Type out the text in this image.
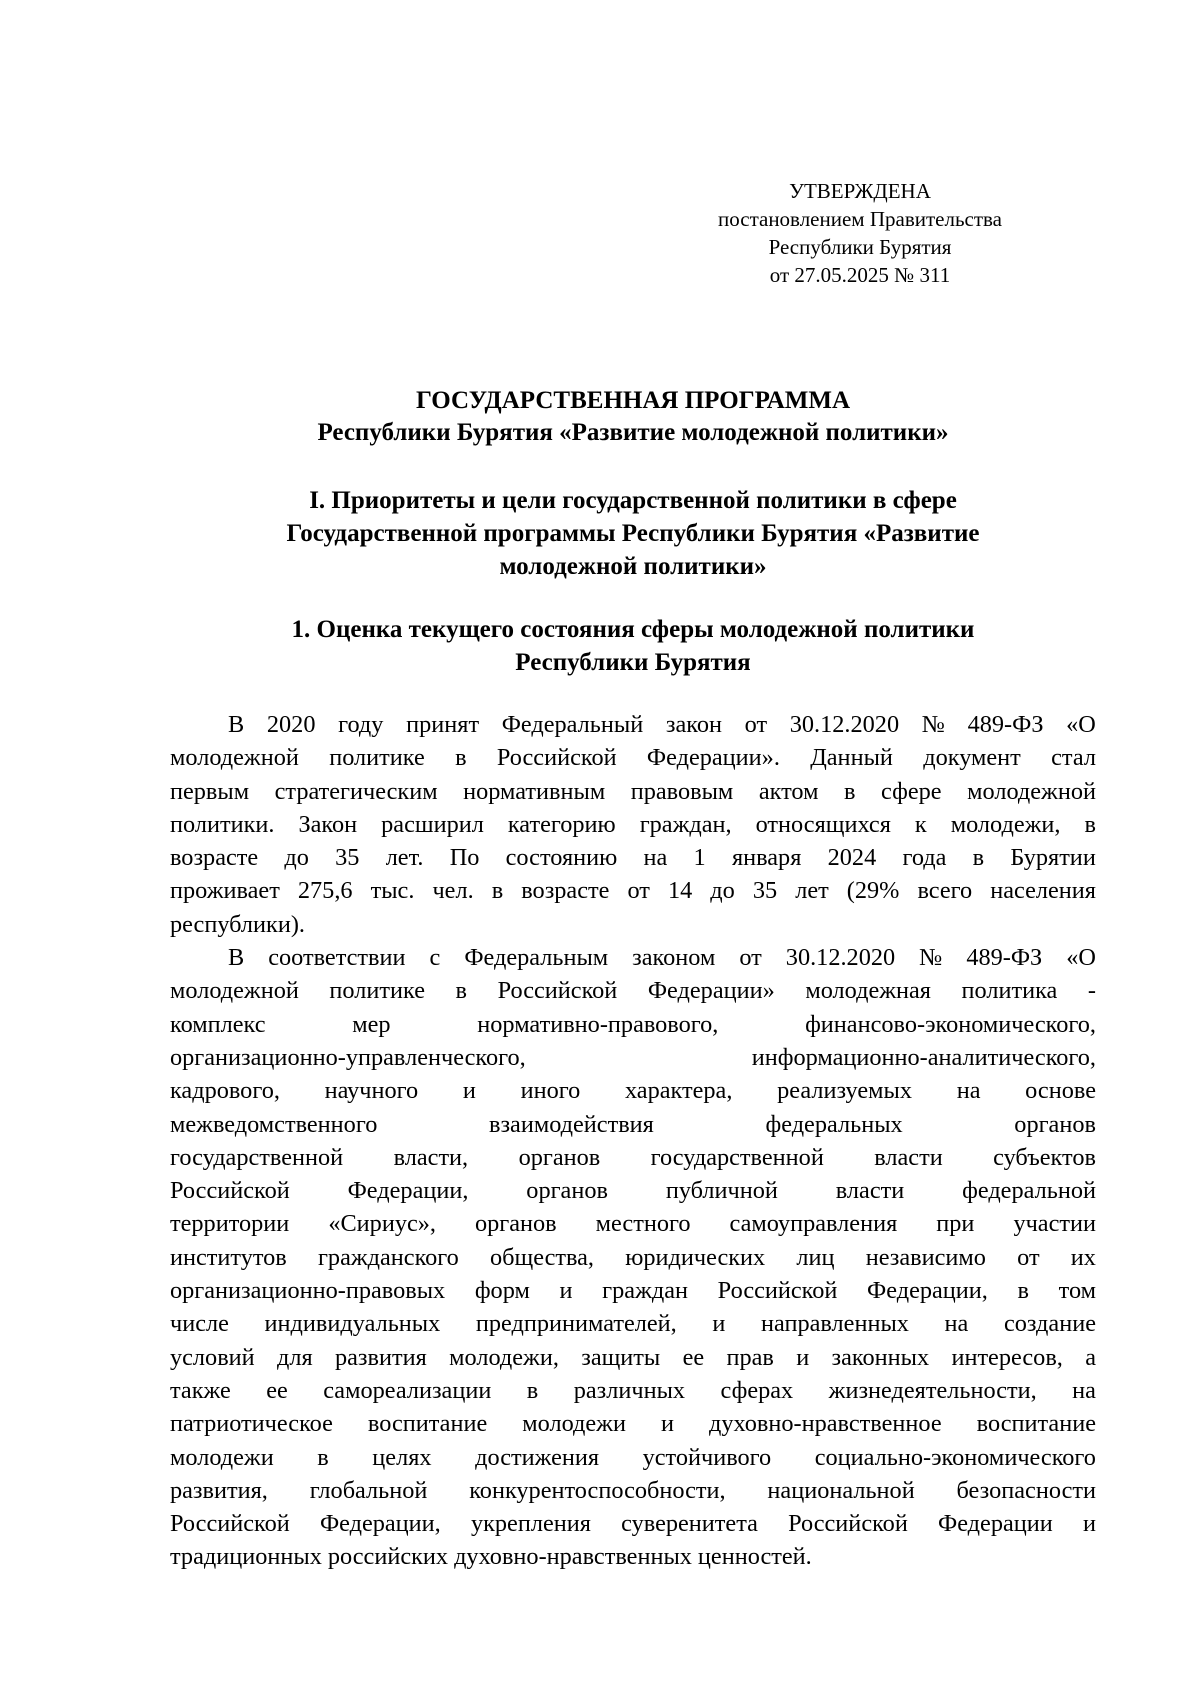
УТВЕРЖДЕНА
постановлением Правительства
Республики Бурятия
от 27.05.2025 № 311
ГОСУДАРСТВЕННАЯ ПРОГРАММА
Республики Бурятия «Развитие молодежной политики»
I. Приоритеты и цели государственной политики в сфере
Государственной программы Республики Бурятия «Развитие
молодежной политики»
1. Оценка текущего состояния сферы молодежной политики
Республики Бурятия
В 2020 году принят Федеральный закон от 30.12.2020 № 489-ФЗ «О
молодежной политике в Российской Федерации». Данный документ стал
первым стратегическим нормативным правовым актом в сфере молодежной
политики. Закон расширил категорию граждан, относящихся к молодежи, в
возрасте до 35 лет. По состоянию на 1 января 2024 года в Бурятии
проживает 275,6 тыс. чел. в возрасте от 14 до 35 лет (29% всего населения
республики).
В соответствии с Федеральным законом от 30.12.2020 № 489-ФЗ «О
молодежной политике в Российской Федерации» молодежная политика -
комплекс	мер	нормативно-правового,	финансово-экономического,
организационно-управленческого,	информационно-аналитического,
кадрового, научного и иного характера, реализуемых на основе
межведомственного	взаимодействия	федеральных	органов
государственной власти, органов государственной власти субъектов
Российской Федерации, органов публичной власти федеральной
территории «Сириус», органов местного самоуправления при участии
институтов гражданского общества, юридических лиц независимо от их
организационно-правовых форм и граждан Российской Федерации, в том
числе индивидуальных предпринимателей, и направленных на создание
условий для развития молодежи, защиты ее прав и законных интересов, а
также ее самореализации в различных сферах жизнедеятельности, на
патриотическое воспитание молодежи и духовно-нравственное воспитание
молодежи в целях достижения устойчивого социально-экономического
развития, глобальной конкурентоспособности, национальной безопасности
Российской Федерации, укрепления суверенитета Российской Федерации и
традиционных российских духовно-нравственных ценностей.
